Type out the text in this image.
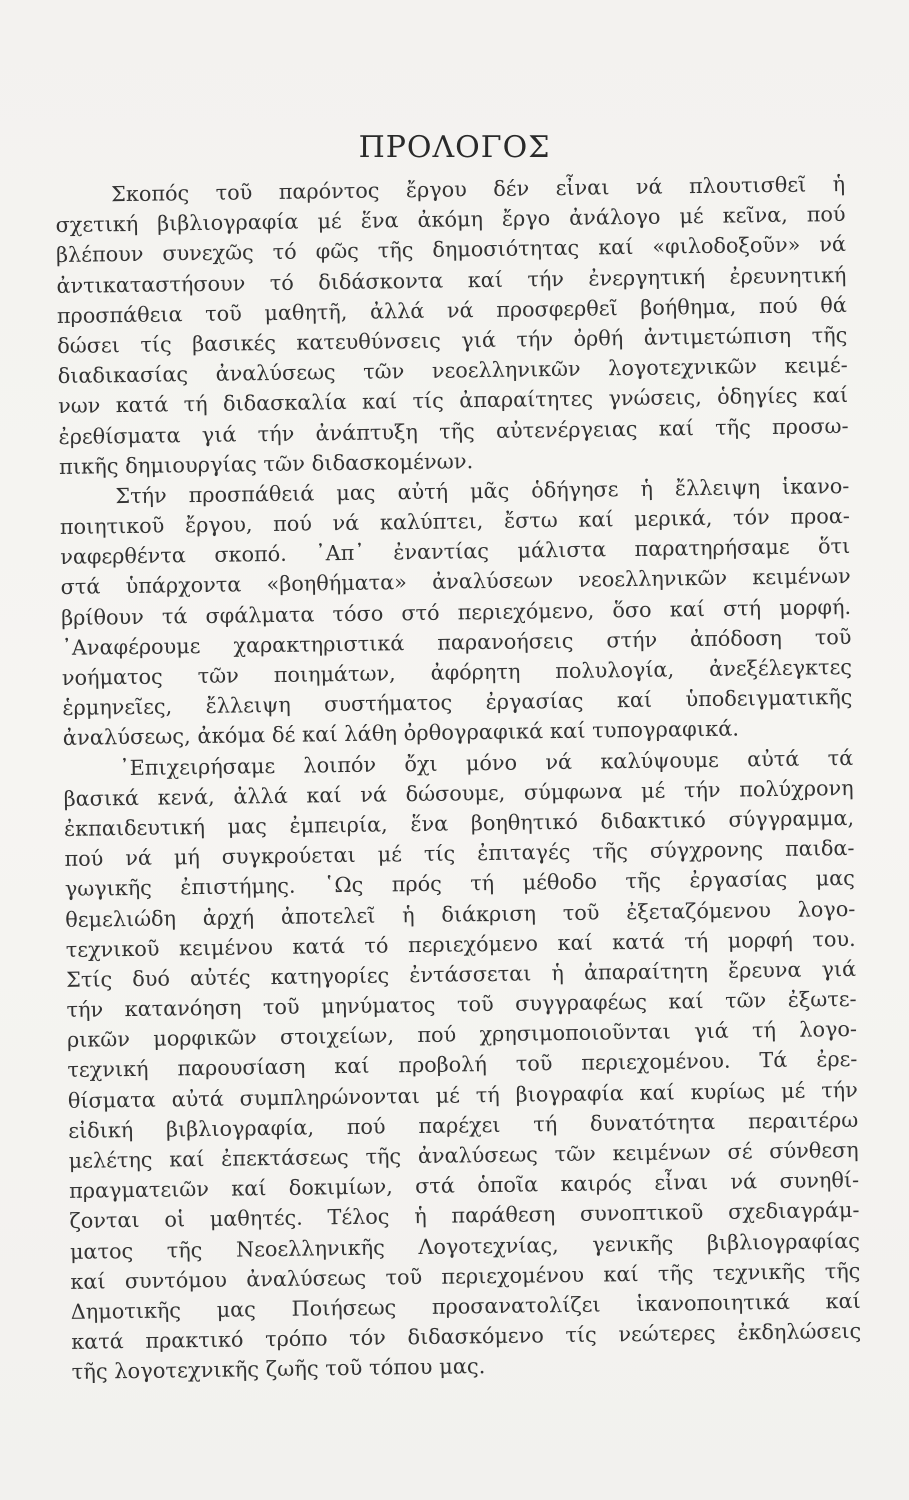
ΠΡΟΛΟΓΟΣ
Σκοπός τοῦ παρόντος ἔργου δέν εἶναι νά πλουτισθεῖ ἡ
σχετική βιβλιογραφία μέ ἕνα ἀκόμη ἔργο ἀνάλογο μέ κεῖνα, πού
βλέπουν συνεχῶς τό φῶς τῆς δημοσιότητας καί «φιλοδοξοῦν» νά
ἀντικαταστήσουν τό διδάσκοντα καί τήν ἐνεργητική ἐρευνητική
προσπάθεια τοῦ μαθητῆ, ἀλλά νά προσφερθεῖ βοήθημα, πού θά
δώσει τίς βασικές κατευθύνσεις γιά τήν ὀρθή ἀντιμετώπιση τῆς
διαδικασίας ἀναλύσεως τῶν νεοελληνικῶν λογοτεχνικῶν κειμέ-
νων κατά τή διδασκαλία καί τίς ἀπαραίτητες γνώσεις, ὁδηγίες καί
ἐρεθίσματα γιά τήν ἀνάπτυξη τῆς αὐτενέργειας καί τῆς προσω-
πικῆς δημιουργίας τῶν διδασκομένων.
Στήν προσπάθειά μας αὐτή μᾶς ὁδήγησε ἡ ἔλλειψη ἱκανο-
ποιητικοῦ ἔργου, πού νά καλύπτει, ἔστω καί μερικά, τόν προα-
ναφερθέντα σκοπό. ᾿Απ᾿ ἐναντίας μάλιστα παρατηρήσαμε ὅτι
στά ὑπάρχοντα «βοηθήματα» ἀναλύσεων νεοελληνικῶν κειμένων
βρίθουν τά σφάλματα τόσο στό περιεχόμενο, ὅσο καί στή μορφή.
᾿Αναφέρουμε χαρακτηριστικά παρανοήσεις στήν ἀπόδοση τοῦ
νοήματος τῶν ποιημάτων, ἀφόρητη πολυλογία, ἀνεξέλεγκτες
ἑρμηνεῖες, ἔλλειψη συστήματος ἐργασίας καί ὑποδειγματικῆς
ἀναλύσεως, ἀκόμα δέ καί λάθη ὀρθογραφικά καί τυπογραφικά.
᾿Επιχειρήσαμε λοιπόν ὄχι μόνο νά καλύψουμε αὐτά τά
βασικά κενά, ἀλλά καί νά δώσουμε, σύμφωνα μέ τήν πολύχρονη
ἐκπαιδευτική μας ἐμπειρία, ἕνα βοηθητικό διδακτικό σύγγραμμα,
πού νά μή συγκρούεται μέ τίς ἐπιταγές τῆς σύγχρονης παιδα-
γωγικῆς ἐπιστήμης. ῾Ως πρός τή μέθοδο τῆς ἐργασίας μας
θεμελιώδη ἀρχή ἀποτελεῖ ἡ διάκριση τοῦ ἐξεταζόμενου λογο-
τεχνικοῦ κειμένου κατά τό περιεχόμενο καί κατά τή μορφή του.
Στίς δυό αὐτές κατηγορίες ἐντάσσεται ἡ ἀπαραίτητη ἔρευνα γιά
τήν κατανόηση τοῦ μηνύματος τοῦ συγγραφέως καί τῶν ἐξωτε-
ρικῶν μορφικῶν στοιχείων, πού χρησιμοποιοῦνται γιά τή λογο-
τεχνική παρουσίαση καί προβολή τοῦ περιεχομένου. Τά ἐρε-
θίσματα αὐτά συμπληρώνονται μέ τή βιογραφία καί κυρίως μέ τήν
εἰδική βιβλιογραφία, πού παρέχει τή δυνατότητα περαιτέρω
μελέτης καί ἐπεκτάσεως τῆς ἀναλύσεως τῶν κειμένων σέ σύνθεση
πραγματειῶν καί δοκιμίων, στά ὁποῖα καιρός εἶναι νά συνηθί-
ζονται οἱ μαθητές. Τέλος ἡ παράθεση συνοπτικοῦ σχεδιαγράμ-
ματος τῆς Νεοελληνικῆς Λογοτεχνίας, γενικῆς βιβλιογραφίας
καί συντόμου ἀναλύσεως τοῦ περιεχομένου καί τῆς τεχνικῆς τῆς
Δημοτικῆς μας Ποιήσεως προσανατολίζει ἱκανοποιητικά καί
κατά πρακτικό τρόπο τόν διδασκόμενο τίς νεώτερες ἐκδηλώσεις
τῆς λογοτεχνικῆς ζωῆς τοῦ τόπου μας.
